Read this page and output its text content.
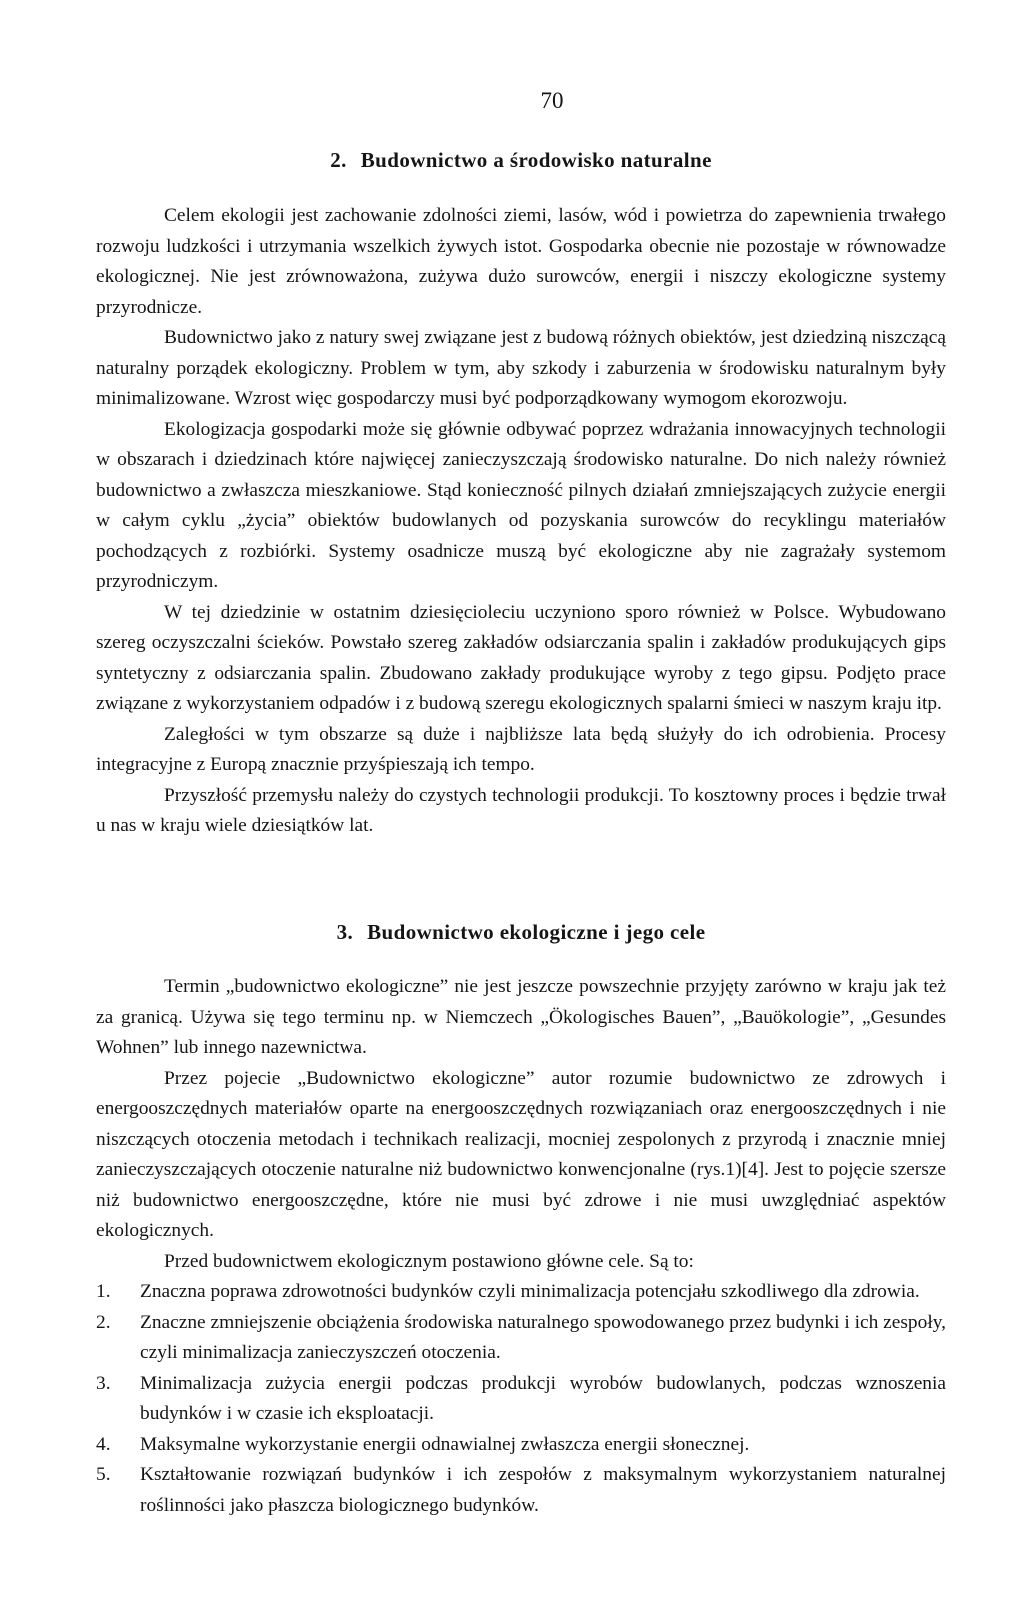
70
2. Budownictwo a środowisko naturalne

Celem ekologii jest zachowanie zdolności ziemi, lasów, wód i powietrza do zapewnienia trwałego rozwoju ludzkości i utrzymania wszelkich żywych istot. Gospodarka obecnie nie pozostaje w równowadze ekologicznej. Nie jest zrównoważona, zużywa dużo surowców, energii i niszczy ekologiczne systemy przyrodnicze.

Budownictwo jako z natury swej związane jest z budową różnych obiektów, jest dziedziną niszczącą naturalny porządek ekologiczny. Problem w tym, aby szkody i zaburzenia w środowisku naturalnym były minimalizowane. Wzrost więc gospodarczy musi być podporządkowany wymogom ekorozwoju.

Ekologizacja gospodarki może się głównie odbywać poprzez wdrażania innowacyjnych technologii w obszarach i dziedzinach które najwięcej zanieczyszczają środowisko naturalne. Do nich należy również budownictwo a zwłaszcza mieszkaniowe. Stąd konieczność pilnych działań zmniejszających zużycie energii w całym cyklu „życia” obiektów budowlanych od pozyskania surowców do recyklingu materiałów pochodzących z rozbiórki. Systemy osadnicze muszą być ekologiczne aby nie zagrażały systemom przyrodniczym.

W tej dziedzinie w ostatnim dziesięcioleciu uczyniono sporo również w Polsce. Wybudowano szereg oczyszczalni ścieków. Powstało szereg zakładów odsiarczania spalin i zakładów produkujących gips syntetyczny z odsiarczania spalin. Zbudowano zakłady produkujące wyroby z tego gipsu. Podjęto prace związane z wykorzystaniem odpadów i z budową szeregu ekologicznych spalarni śmieci w naszym kraju itp.

Zaległości w tym obszarze są duże i najbliższe lata będą służyły do ich odrobienia. Procesy integracyjne z Europą znacznie przyśpieszają ich tempo.

Przyszłość przemysłu należy do czystych technologii produkcji. To kosztowny proces i będzie trwał u nas w kraju wiele dziesiątków lat.

3. Budownictwo ekologiczne i jego cele

Termin „budownictwo ekologiczne” nie jest jeszcze powszechnie przyjęty zarówno w kraju jak też za granicą. Używa się tego terminu np. w Niemczech „Ökologisches Bauen”, „Bauökologie”, „Gesundes Wohnen” lub innego nazewnictwa.

Przez pojecie „Budownictwo ekologiczne” autor rozumie budownictwo ze zdrowych i energooszczędnych materiałów oparte na energooszczędnych rozwiązaniach oraz energooszczędnych i nie niszczących otoczenia metodach i technikach realizacji, mocniej zespolonych z przyrodą i znacznie mniej zanieczyszczających otoczenie naturalne niż budownictwo konwencjonalne (rys.1)[4]. Jest to pojęcie szersze niż budownictwo energooszczędne, które nie musi być zdrowe i nie musi uwzględniać aspektów ekologicznych.

Przed budownictwem ekologicznym postawiono główne cele. Są to:

1. Znaczna poprawa zdrowotności budynków czyli minimalizacja potencjału szkodliwego dla zdrowia.
2. Znaczne zmniejszenie obciążenia środowiska naturalnego spowodowanego przez budynki i ich zespoły, czyli minimalizacja zanieczyszczeń otoczenia.
3. Minimalizacja zużycia energii podczas produkcji wyrobów budowlanych, podczas wznoszenia budynków i w czasie ich eksploatacji.
4. Maksymalne wykorzystanie energii odnawialnej zwłaszcza energii słonecznej.
5. Kształtowanie rozwiązań budynków i ich zespołów z maksymalnym wykorzystaniem naturalnej roślinności jako płaszcza biologicznego budynków.
